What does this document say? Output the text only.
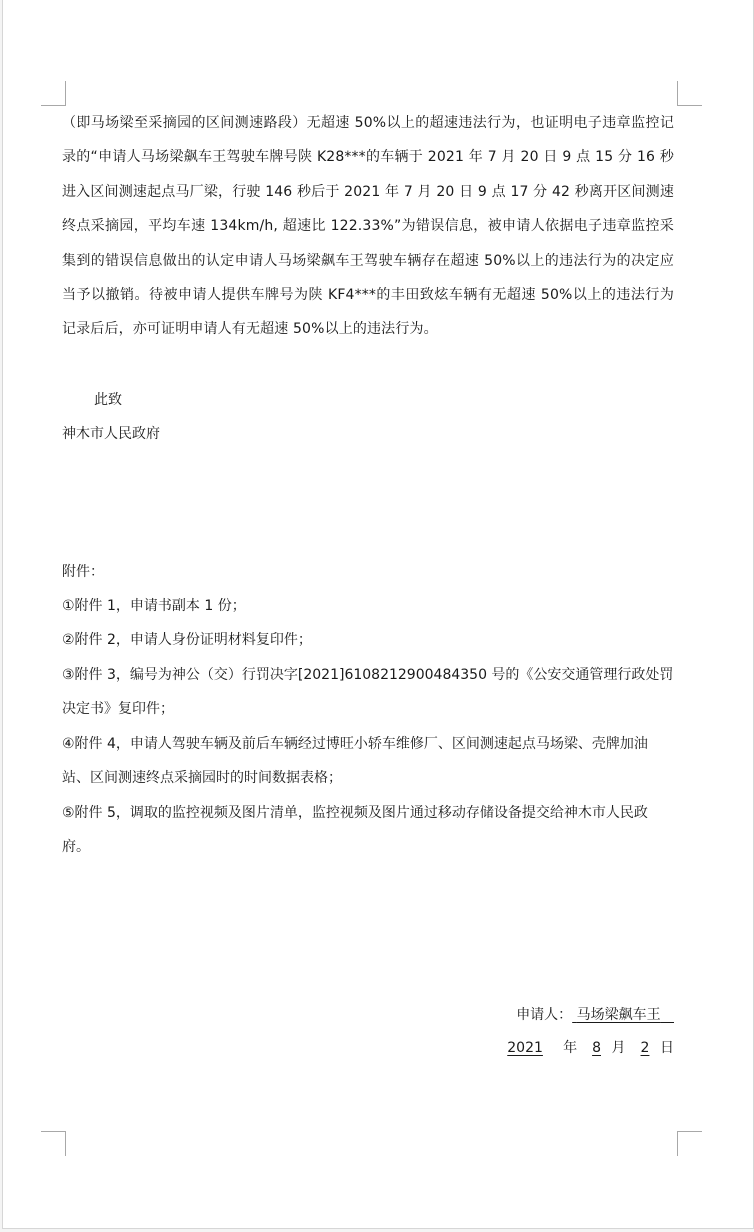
（即马场梁至采摘园的区间测速路段）无超速 50%以上的超速违法行为，也证明电子违章监控记录的“申请人马场梁飙车王驾驶车牌号陕 K28***的车辆于 2021 年 7 月 20 日 9 点 15 分 16 秒进入区间测速起点马厂梁，行驶 146 秒后于 2021 年 7 月 20 日 9 点 17 分 42 秒离开区间测速终点采摘园，平均车速 134km/h, 超速比 122.33%”为错误信息，被申请人依据电子违章监控采集到的错误信息做出的认定申请人马场梁飙车王驾驶车辆存在超速 50%以上的违法行为的决定应当予以撤销。待被申请人提供车牌号为陕 KF4***的丰田致炫车辆有无超速 50%以上的违法行为记录后后，亦可证明申请人有无超速 50%以上的违法行为。

此致

神木市人民政府

附件：

①附件 1，申请书副本 1 份；

②附件 2，申请人身份证明材料复印件；

③附件 3，编号为神公（交）行罚决字[2021]6108212900484350 号的《公安交通管理行政处罚决定书》复印件；

④附件 4，申请人驾驶车辆及前后车辆经过博旺小轿车维修厂、区间测速起点马场梁、壳牌加油站、区间测速终点采摘园时的时间数据表格；

⑤附件 5，调取的监控视频及图片清单，监控视频及图片通过移动存储设备提交给神木市人民政府。

申请人： 马场梁飙车王
2021 年 8 月 2 日
